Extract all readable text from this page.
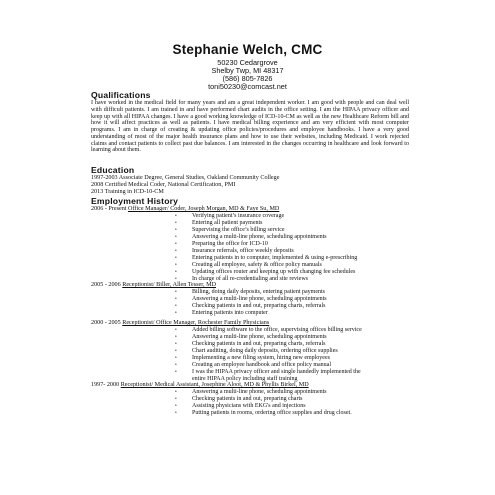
Stephanie Welch, CMC
50230 Cedargrove
Shelby Twp, MI 48317
(586) 805-7826
toni50230@comcast.net
Qualifications
I have worked in the medical field for many years and am a great independent worker. I am good with people and can deal well with difficult patients. I am trained in and have performed chart audits in the office setting. I am the HIPAA privacy officer and keep up with all HIPAA changes. I have a good working knowledge of ICD-10-CM as well as the new Healthcare Reform bill and how it will affect practices as well as patients. I have medical billing experience and am very efficient with most computer programs. I am in charge of creating & updating office policies/procedures and employee handbooks. I have a very good understanding of most of the major health insurance plans and how to use their websites, including Medicaid. I work rejected claims and contact patients to collect past due balances. I am interested in the changes occurring in healthcare and look forward to learning about them.
Education
1997-2003 Associate Degree, General Studies, Oakland Community College
2008 Certified Medical Coder, National Certification, PMI
2013 Training in ICD-10-CM
Employment History
2006 - Present Office Manager/ Coder, Joseph Morgan, MD & Faye Su, MD
•	Verifying patient’s insurance coverage
•	Entering all patient payments
•	Supervising the office’s billing service
•	Answering a multi-line phone, scheduling appointments
•	Preparing the office for ICD-10
•	Insurance referrals, office weekly deposits
•	Entering patients in to computer, implemented & using e-prescribing
•	Creating all employee, safety & office policy manuals
•	Updating offices router and keeping up with changing fee schedules
•	In charge of all re-credentialing and site reviews
2005 - 2006 Receptionist/ Biller, Allen Tesser, MD
•	Billing, doing daily deposits, entering patient payments
•	Answering a multi-line phone, scheduling appointments
•	Checking patients in and out, preparing charts, referrals
•	Entering patients into computer
2000 - 2005 Receptionist/ Office Manager, Rochester Family Physicians
•	Added billing software to the office, supervising offices billing service
•	Answering a multi-line phone, scheduling appointments
•	Checking patients in and out, preparing charts, referrals
•	Chart auditing, doing daily deposits, ordering office supplies
•	Implementing a new filing system, hiring new employees
•	Creating an employee handbook and office policy manual
•	I was the HIPAA privacy officer and single handedly implemented the
entire HIPAA policy including staff training
1997- 2000 Receptionist/ Medical Assistant, Josephine Aloot, MD & Phyllis Birkel, MD
•	Answering a multi-line phone, scheduling appointments
•	Checking patients in and out, preparing charts
•	Assisting physicians with EKG's and injections
•	Putting patients in rooms, ordering office supplies and drug closet.
